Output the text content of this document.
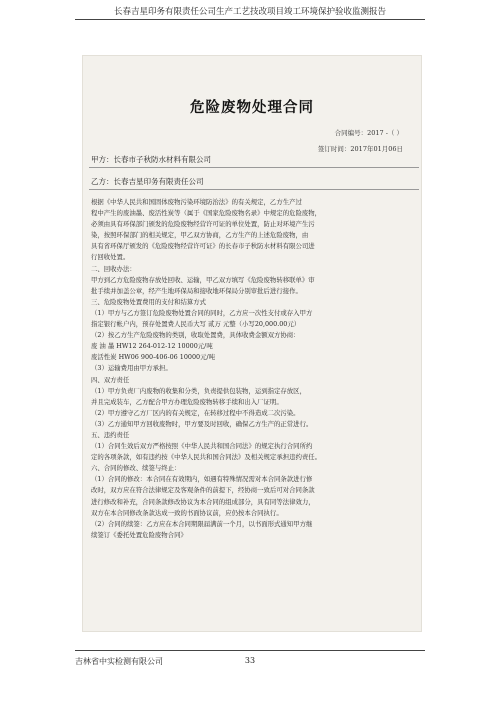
长春吉星印务有限责任公司生产工艺技改项目竣工环境保护验收监测报告
危险废物处理合同
合同编号：2017 -（ ）
签订时间：2017年01月06日
甲方：长春市子秋防水材料有限公司
乙方：长春吉星印务有限责任公司
根据《中华人民共和国固体废物污染环境防治法》的有关规定，乙方生产过
程中产生的废油墨、废活性炭等（属于《国家危险废物名录》中规定的危险废物，
必须由具有环保部门颁发的危险废物经营许可证的单位处置，防止对环境产生污
染，按照环保部门的相关规定，甲乙双方协商，乙方生产的上述危险废物，由
具有省环保厅颁发的《危险废物经营许可证》的长春市子秋防水材料有限公司进
行回收处置。
二、回收办法：
甲方到乙方危险废物存放处回收、运输，甲乙双方填写《危险废物转移联单》审
批手续并加盖公章，经产生地环保局和接收地环保局分别审批后进行接作。
三、危险废物处置费用的支付和结算方式
（1）甲方与乙方签订危险废物处置合同的同时，乙方应一次性支付或存入甲方
指定银行帐户内，预存处置费人民币大写 贰万 元整（小写20,000.00元）
（2）按乙方生产危险废物的类别，收取处置费，具体收费金额双方协商：
废 油 墨 HW12 264-012-12 10000元/吨
废活性炭 HW06 900-406-06 10000元/吨
（3）运输费用由甲方承担。
四、双方责任
（1）甲方负责厂内废物的收集和分类，负责提供包装物，运到指定存放区，
并且完成装车，乙方配合甲方办理危险废物转移手续和出入厂证明。
（2）甲方遵守乙方厂区内的有关规定，在转移过程中不得造成二次污染。
（3）乙方通知甲方回收废物时，甲方要及时回收，确保乙方生产的正常进行。
五、违约责任
（1）合同生效后双方严格按照《中华人民共和国合同法》的规定执行合同所约
定的各项条款，如有违约按《中华人民共和国合同法》及相关规定承担违约责任。
六、合同的修改、续签与终止：
（1）合同的修改：本合同在有效期内，如遇有特殊情况需对本合同条款进行修
改时，双方应在符合法律规定及客观条件的前提下，经协商一致后可对合同条款
进行修改和补充，合同条款修改协议为本合同的组成部分，具有同等法律效力，
双方在本合同修改条款达成一致的书面协议前，应仍按本合同执行。
（2）合同的续签：乙方应在本合同期限届满前一个月，以书面形式通知甲方继
续签订《委托处置危险废物合同》
吉林省中实检测有限公司	33
